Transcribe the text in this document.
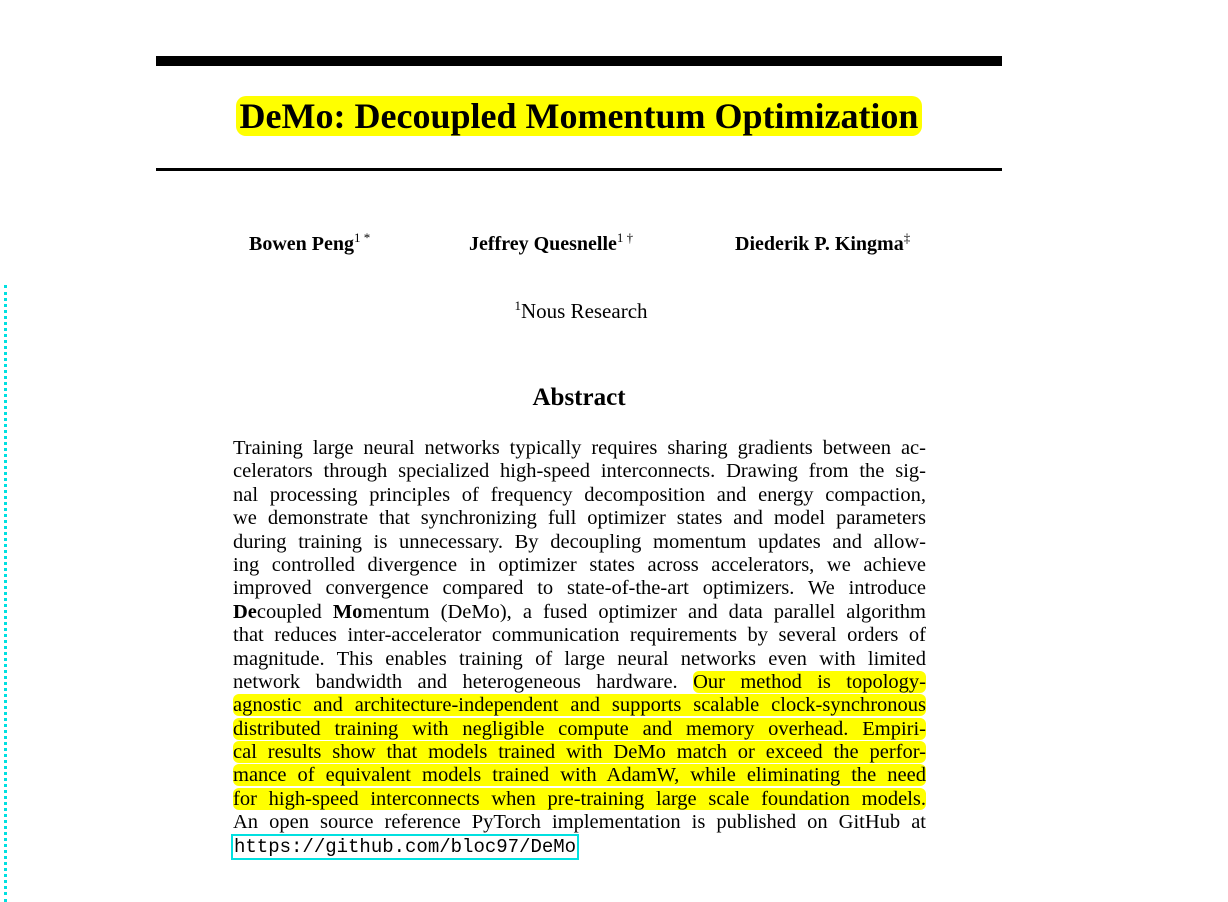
DeMo: Decoupled Momentum Optimization
Bowen Peng$^{1 *}$	Jeffrey Quesnelle$^{1 \dagger}$	Diederik P. Kingma‡
$^1$Nous Research
Abstract
Training large neural networks typically requires sharing gradients between ac-
celerators through specialized high-speed interconnects. Drawing from the sig-
nal processing principles of frequency decomposition and energy compaction,
we demonstrate that synchronizing full optimizer states and model parameters
during training is unnecessary. By decoupling momentum updates and allow-
ing controlled divergence in optimizer states across accelerators, we achieve
improved convergence compared to state-of-the-art optimizers. We introduce
Decoupled Momentum (DeMo), a fused optimizer and data parallel algorithm
that reduces inter-accelerator communication requirements by several orders of
magnitude. This enables training of large neural networks even with limited
network bandwidth and heterogeneous hardware. Our method is topology-
agnostic and architecture-independent and supports scalable clock-synchronous
distributed training with negligible compute and memory overhead. Empiri-
cal results show that models trained with DeMo match or exceed the perfor-
mance of equivalent models trained with AdamW, while eliminating the need
for high-speed interconnects when pre-training large scale foundation models.
An open source reference PyTorch implementation is published on GitHub at
https://github.com/bloc97/DeMo
